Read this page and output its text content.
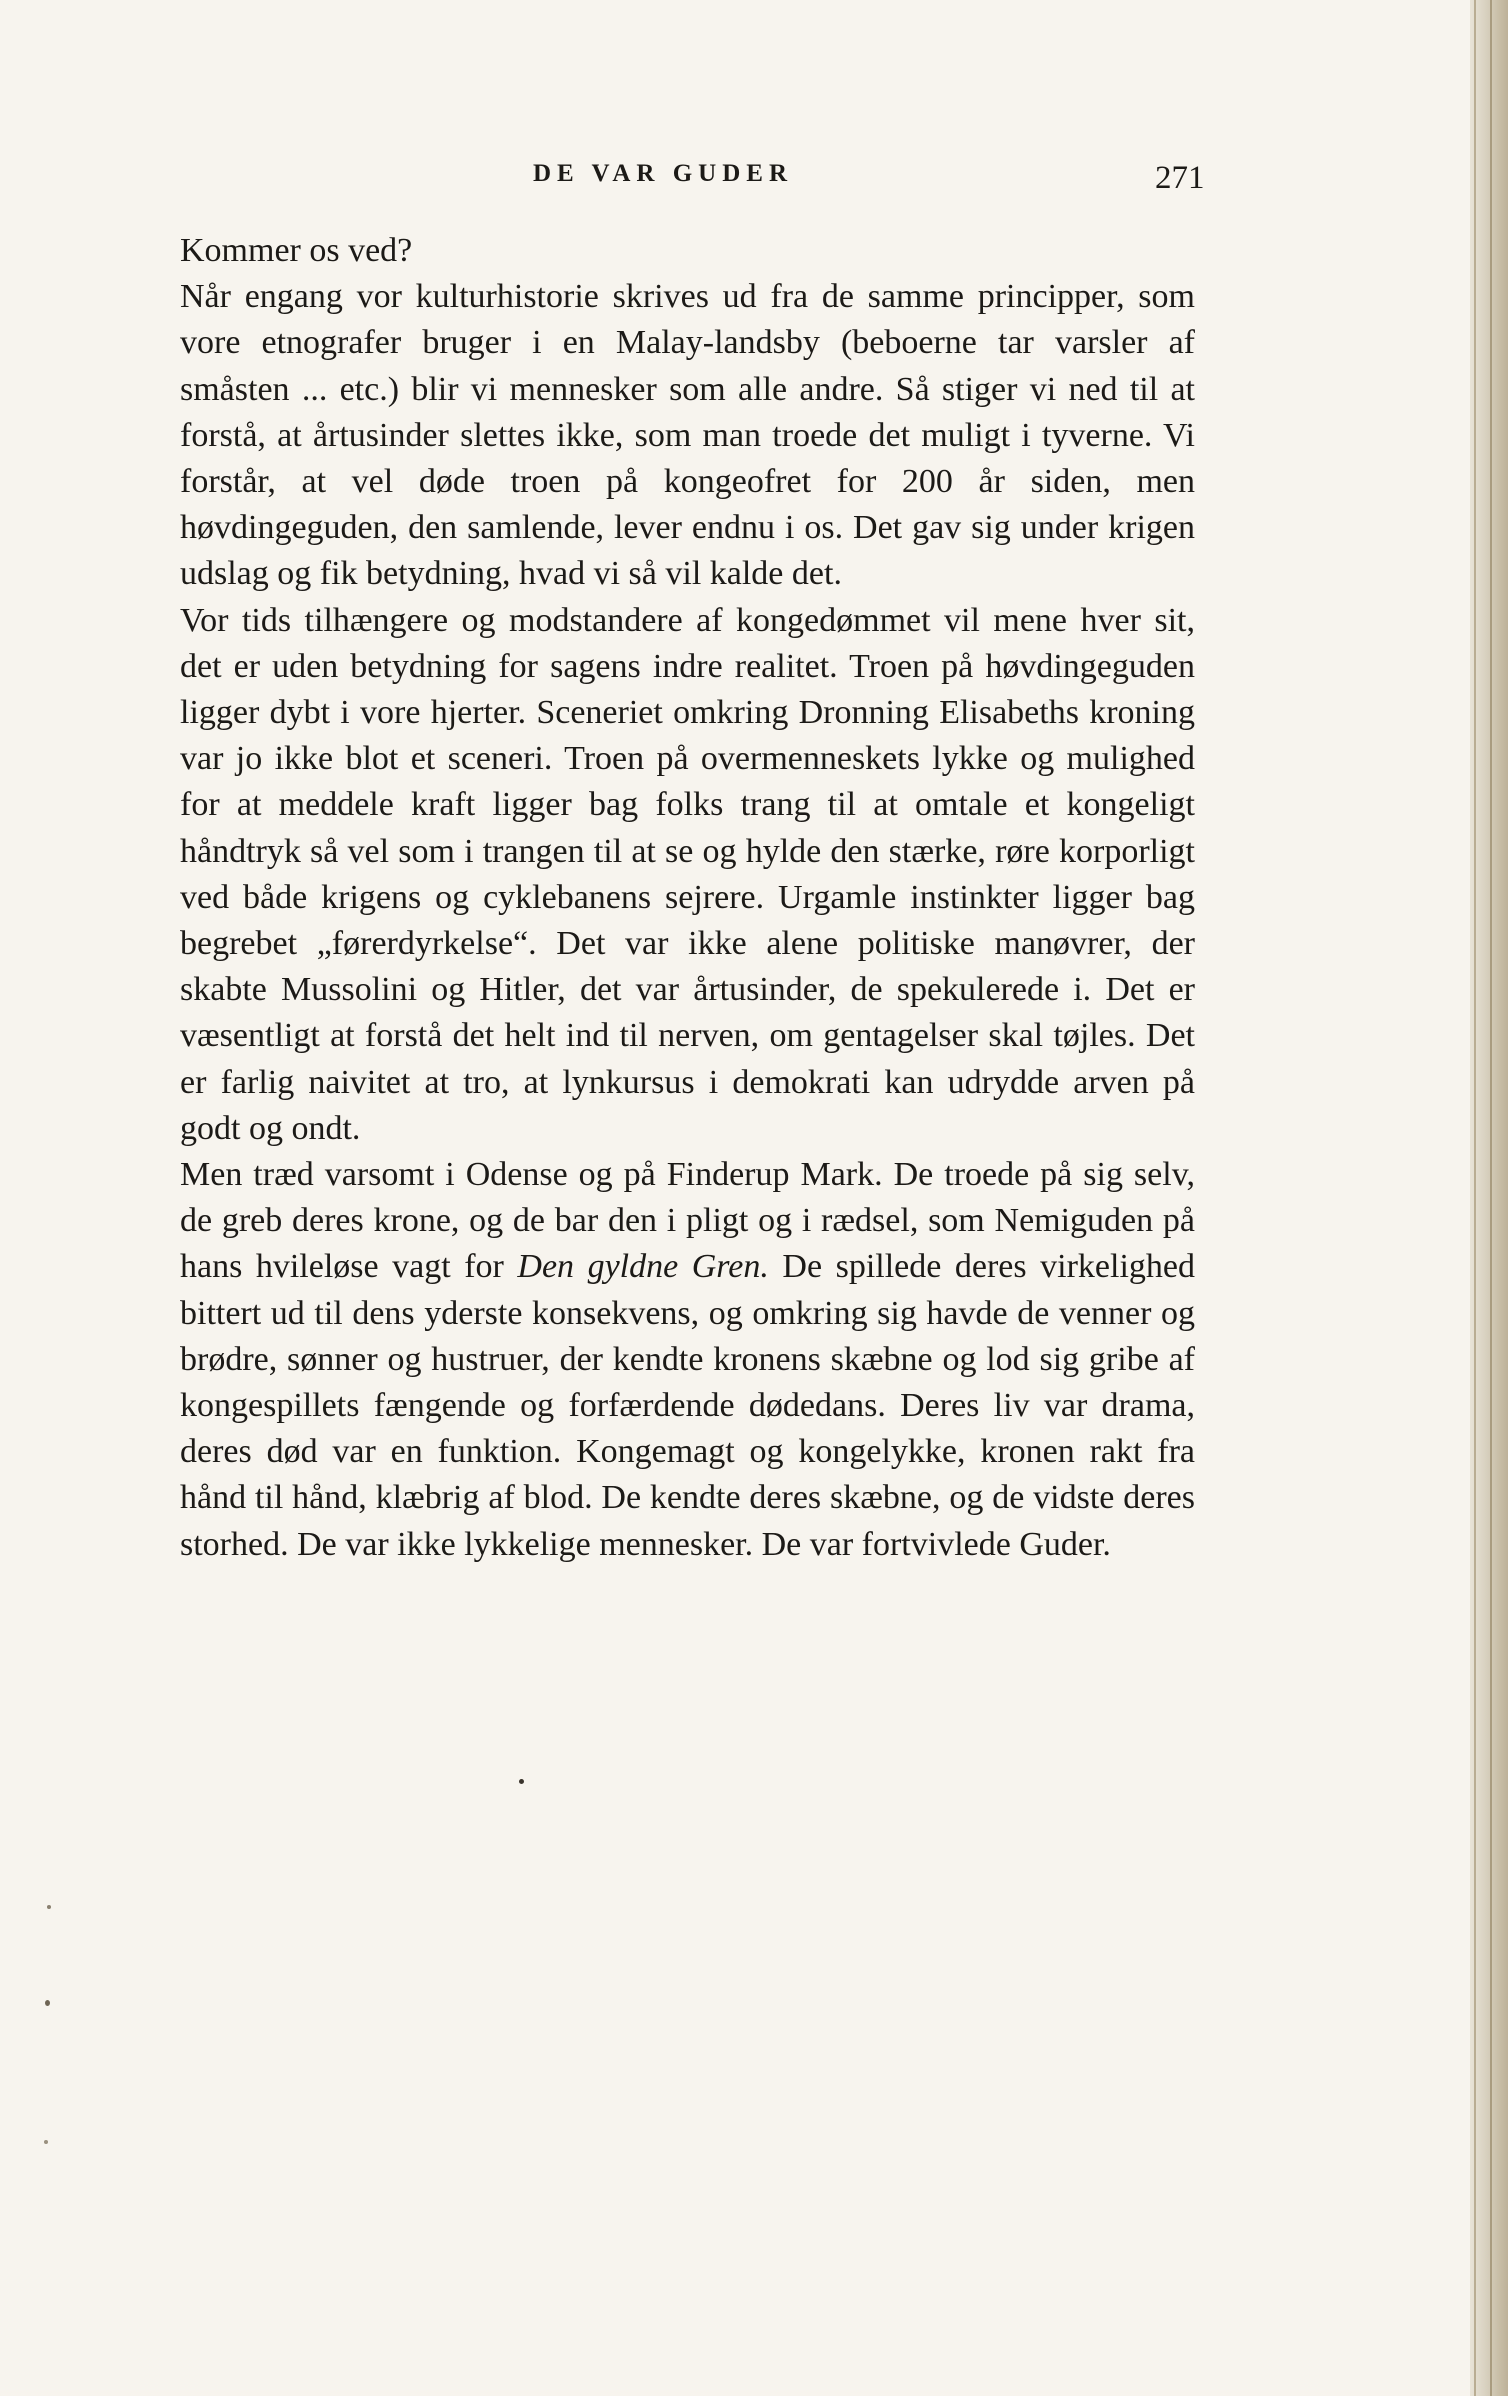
DE VAR GUDER	271

Kommer os ved?

Når engang vor kulturhistorie skrives ud fra de samme principper, som vore etnografer bruger i en Malay-landsby (beboerne tar varsler af småsten ... etc.) blir vi mennesker som alle andre. Så stiger vi ned til at forstå, at årtusinder slettes ikke, som man troede det muligt i tyverne. Vi forstår, at vel døde troen på kongeofret for 200 år siden, men høvdingeguden, den samlende, lever endnu i os. Det gav sig under krigen udslag og fik betydning, hvad vi så vil kalde det.

Vor tids tilhængere og modstandere af kongedømmet vil mene hver sit, det er uden betydning for sagens indre realitet. Troen på høvdingeguden ligger dybt i vore hjerter. Sceneriet omkring Dronning Elisabeths kroning var jo ikke blot et sceneri. Troen på overmenneskets lykke og mulighed for at meddele kraft ligger bag folks trang til at omtale et kongeligt håndtryk så vel som i trangen til at se og hylde den stærke, røre korporligt ved både krigens og cyklebanens sejrere. Urgamle instinkter ligger bag begrebet „førerdyrkelse“. Det var ikke alene politiske manøvrer, der skabte Mussolini og Hitler, det var årtusinder, de spekulerede i. Det er væsentligt at forstå det helt ind til nerven, om gentagelser skal tøjles. Det er farlig naivitet at tro, at lynkursus i demokrati kan udrydde arven på godt og ondt.

Men træd varsomt i Odense og på Finderup Mark. De troede på sig selv, de greb deres krone, og de bar den i pligt og i rædsel, som Nemiguden på hans hvileløse vagt for Den gyldne Gren. De spillede deres virkelighed bittert ud til dens yderste konsekvens, og omkring sig havde de venner og brødre, sønner og hustruer, der kendte kronens skæbne og lod sig gribe af kongespillets fængende og forfærdende dødedans. Deres liv var drama, deres død var en funktion. Kongemagt og kongelykke, kronen rakt fra hånd til hånd, klæbrig af blod. De kendte deres skæbne, og de vidste deres storhed. De var ikke lykkelige mennesker. De var fortvivlede Guder.
